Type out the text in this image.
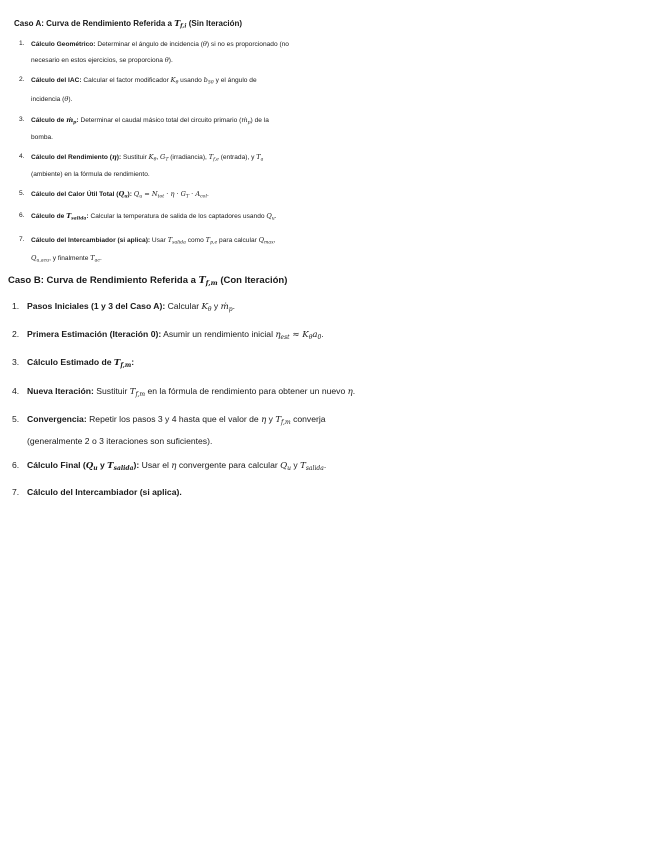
Caso A: Curva de Rendimiento Referida a $T_{f,i}$ (Sin Iteración)
1. Cálculo Geométrico: Determinar el ángulo de incidencia (θ) si no es proporcionado (no
necesario en estos ejercicios, se proporciona θ).
2. Cálculo del IAC: Calcular el factor modificador $K_\theta$ usando $b_{50}$ y el ángulo de
incidencia (θ).
3. Cálculo de ṁ$_p$: Determinar el caudal másico total del circuito primario (ṁ$_p$) de la
bomba.
4. Cálculo del Rendimiento (η): Sustituir $K_\theta$, $G_T$ (irradiancia), $T_{f,e}$ (entrada), y $T_a$
(ambiente) en la fórmula de rendimiento.
5. Cálculo del Calor Útil Total $(Q_u)$: $Q_u = N_{tot} \cdot \eta \cdot G_T \cdot A_{col}$.
6. Cálculo de $T_{salida}$: Calcular la temperatura de salida de los captadores usando $Q_u$.
7. Cálculo del Intercambiador (si aplica): Usar $T_{salida}$ como $T_{p,e}$ para calcular $Q_{max}$,
$Q_{u,acu}$, y finalmente $T_{ac}$.
Caso B: Curva de Rendimiento Referida a $T_{f,m}$ (Con Iteración)
1. Pasos Iniciales (1 y 3 del Caso A): Calcular $K_\theta$ y ṁ$_p$.
2. Primera Estimación (Iteración 0): Asumir un rendimiento inicial $\eta_{est} \approx K_\theta a_0$.
3. Cálculo Estimado de $T_{f,m}$:
4. Nueva Iteración: Sustituir $T_{f,m}$ en la fórmula de rendimiento para obtener un nuevo η.
5. Convergencia: Repetir los pasos 3 y 4 hasta que el valor de η y $T_{f,m}$ converja
(generalmente 2 o 3 iteraciones son suficientes).
6. Cálculo Final ($Q_u$ y $T_{salida}$): Usar el η convergente para calcular $Q_u$ y $T_{salida}$.
7. Cálculo del Intercambiador (si aplica).
